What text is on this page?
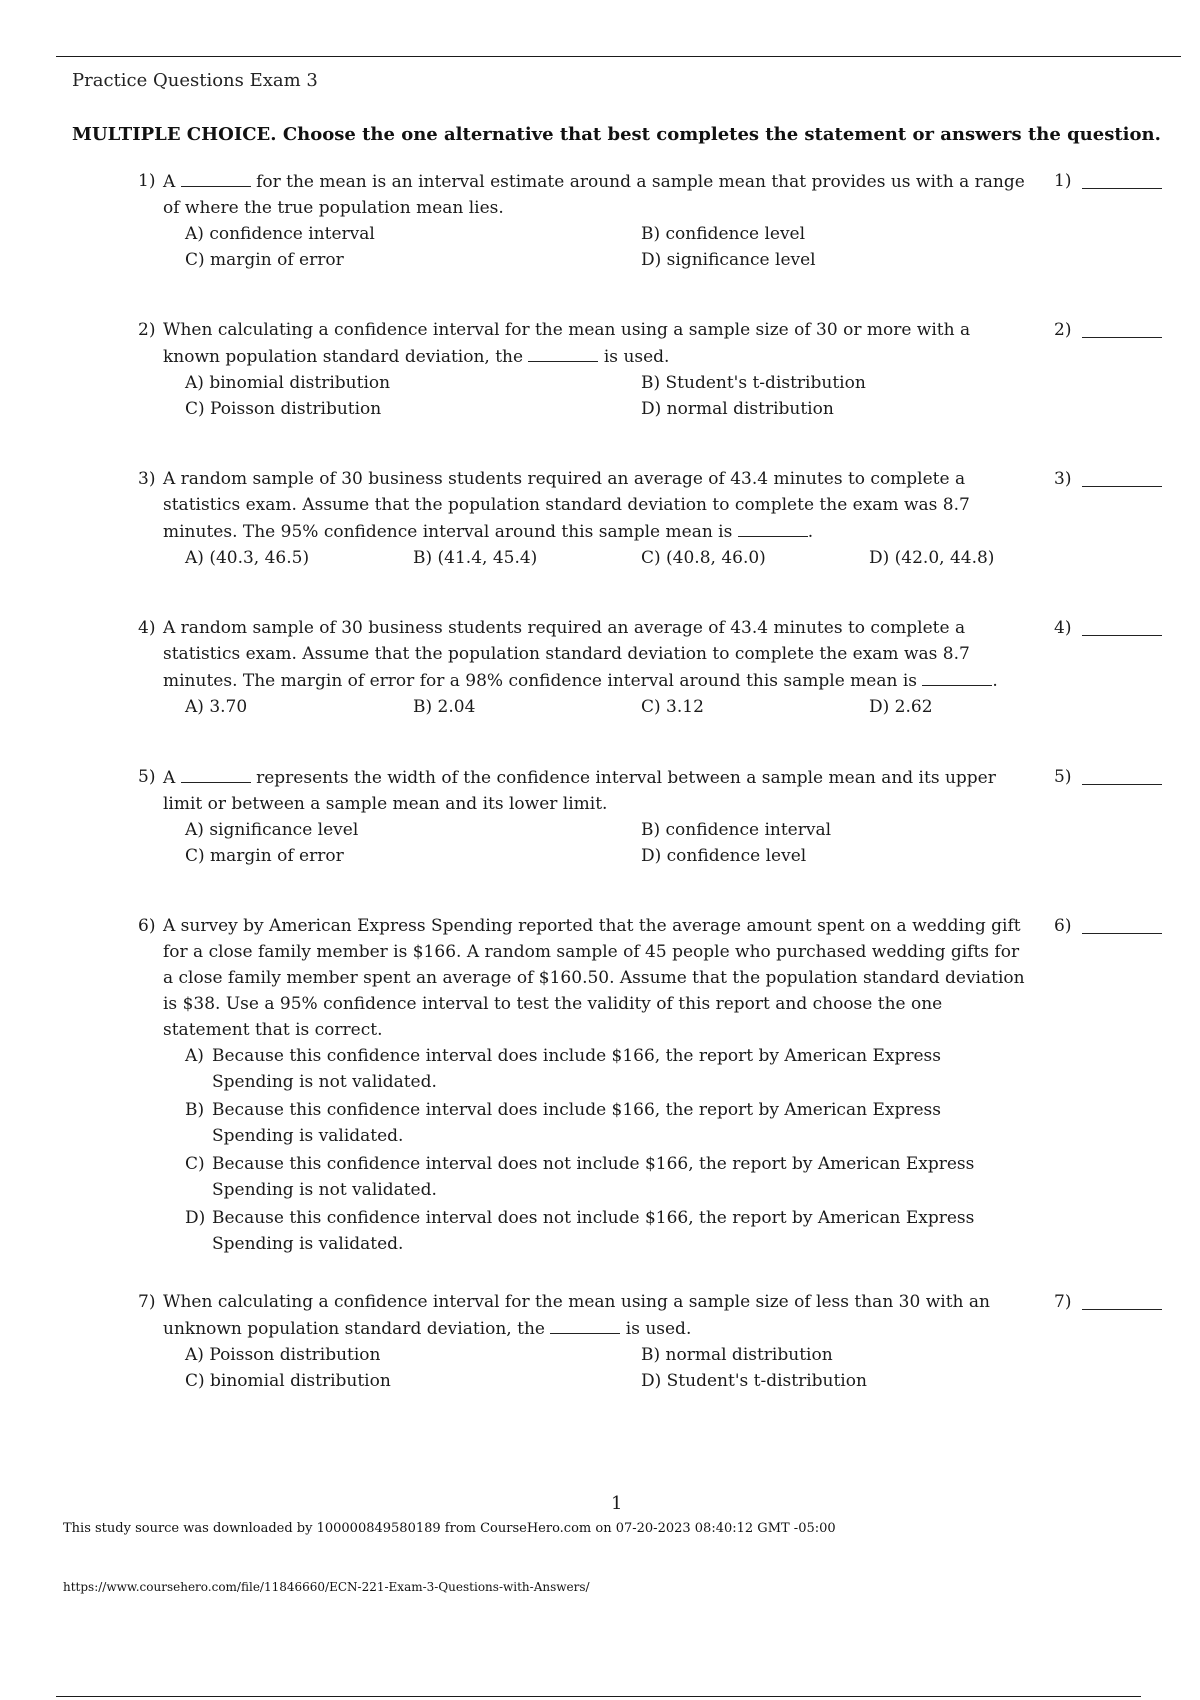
Practice Questions Exam 3
MULTIPLE CHOICE. Choose the one alternative that best completes the statement or answers the question.
1) A	for the mean is an interval estimate around a sample mean that provides us with a range of where the true population mean lies.
1)
A) confidence interval	B) confidence level
C) margin of error	D) significance level
2) When calculating a confidence interval for the mean using a sample size of 30 or more with a known population standard deviation, the	is used.
2)
A) binomial distribution	B) Student's t-distribution
C) Poisson distribution	D) normal distribution
3) A random sample of 30 business students required an average of 43.4 minutes to complete a statistics exam. Assume that the population standard deviation to complete the exam was 8.7 minutes. The 95% confidence interval around this sample mean is	.
3)
A) (40.3, 46.5)	B) (41.4, 45.4)	C) (40.8, 46.0)	D) (42.0, 44.8)
4) A random sample of 30 business students required an average of 43.4 minutes to complete a statistics exam. Assume that the population standard deviation to complete the exam was 8.7 minutes. The margin of error for a 98% confidence interval around this sample mean is	.
4)
A) 3.70	B) 2.04	C) 3.12	D) 2.62
5) A	represents the width of the confidence interval between a sample mean and its upper limit or between a sample mean and its lower limit.
5)
A) significance level	B) confidence interval
C) margin of error	D) confidence level
6) A survey by American Express Spending reported that the average amount spent on a wedding gift for a close family member is $166. A random sample of 45 people who purchased wedding gifts for a close family member spent an average of $160.50. Assume that the population standard deviation is $38. Use a 95% confidence interval to test the validity of this report and choose the one statement that is correct.
6)
A) Because this confidence interval does include $166, the report by American Express Spending is not validated.
B) Because this confidence interval does include $166, the report by American Express Spending is validated.
C) Because this confidence interval does not include $166, the report by American Express Spending is not validated.
D) Because this confidence interval does not include $166, the report by American Express Spending is validated.
7) When calculating a confidence interval for the mean using a sample size of less than 30 with an unknown population standard deviation, the	is used.
7)
A) Poisson distribution	B) normal distribution
C) binomial distribution	D) Student's t-distribution
1
This study source was downloaded by 100000849580189 from CourseHero.com on 07-20-2023 08:40:12 GMT -05:00
https://www.coursehero.com/file/11846660/ECN-221-Exam-3-Questions-with-Answers/
